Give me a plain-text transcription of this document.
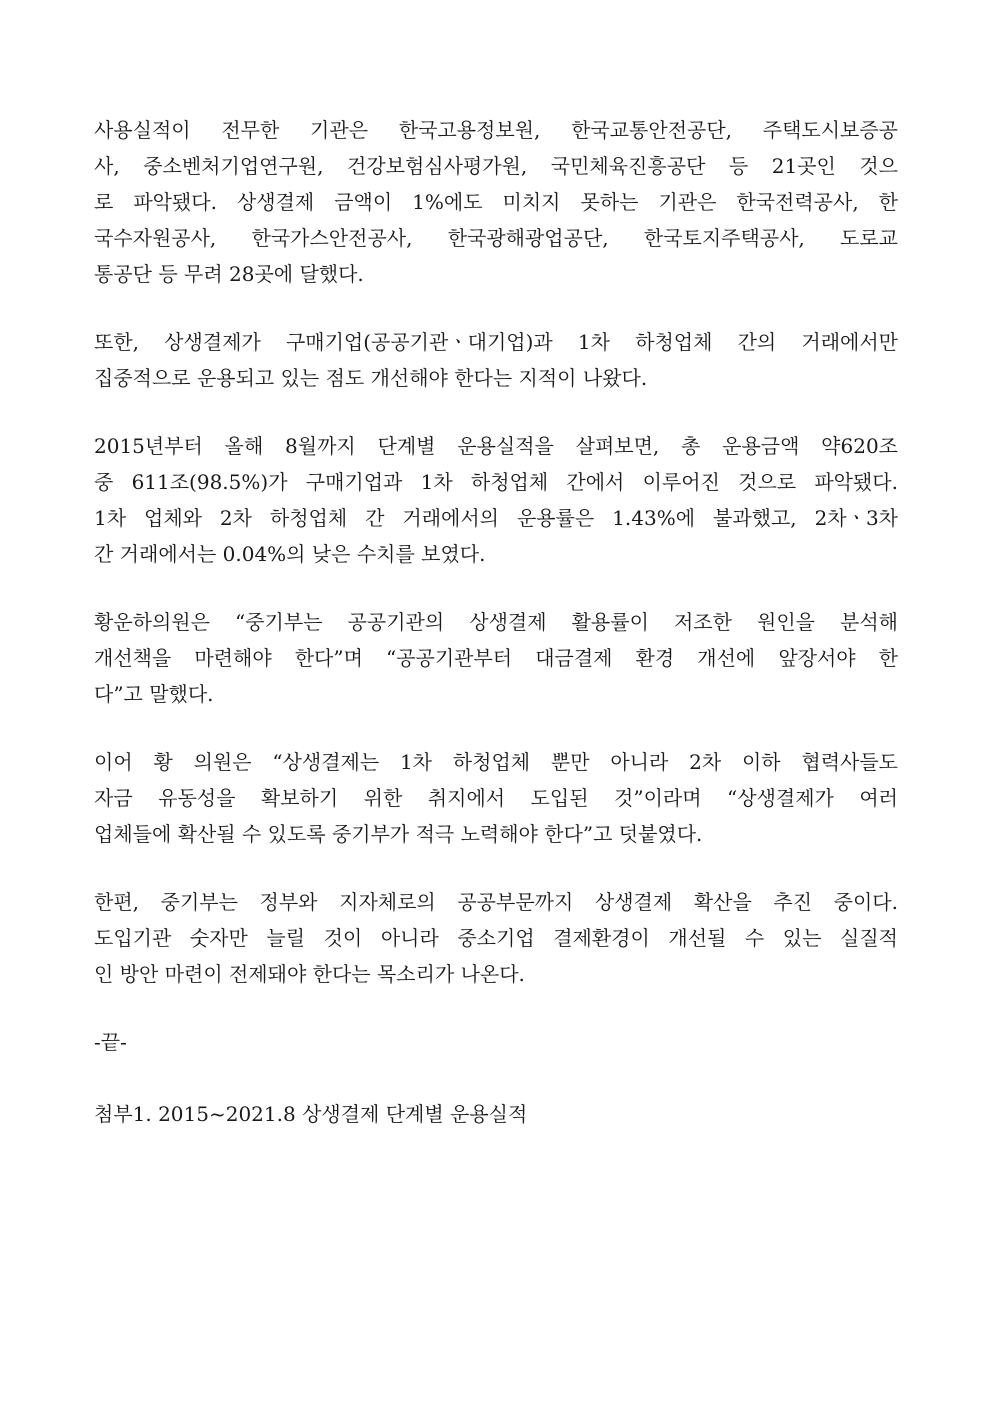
사용실적이 전무한 기관은 한국고용정보원, 한국교통안전공단, 주택도시보증공
사, 중소벤처기업연구원, 건강보험심사평가원, 국민체육진흥공단 등 21곳인 것으
로 파악됐다. 상생결제 금액이 1%에도 미치지 못하는 기관은 한국전력공사, 한
국수자원공사, 한국가스안전공사, 한국광해광업공단, 한국토지주택공사, 도로교
통공단 등 무려 28곳에 달했다.

또한, 상생결제가 구매기업(공공기관ㆍ대기업)과 1차 하청업체 간의 거래에서만
집중적으로 운용되고 있는 점도 개선해야 한다는 지적이 나왔다.

2015년부터 올해 8월까지 단계별 운용실적을 살펴보면, 총 운용금액 약620조
중 611조(98.5%)가 구매기업과 1차 하청업체 간에서 이루어진 것으로 파악됐다.
1차 업체와 2차 하청업체 간 거래에서의 운용률은 1.43%에 불과했고, 2차ㆍ3차
간 거래에서는 0.04%의 낮은 수치를 보였다.

황운하의원은 “중기부는 공공기관의 상생결제 활용률이 저조한 원인을 분석해
개선책을 마련해야 한다”며 “공공기관부터 대금결제 환경 개선에 앞장서야 한
다”고 말했다.

이어 황 의원은 “상생결제는 1차 하청업체 뿐만 아니라 2차 이하 협력사들도
자금 유동성을 확보하기 위한 취지에서 도입된 것”이라며 “상생결제가 여러
업체들에 확산될 수 있도록 중기부가 적극 노력해야 한다”고 덧붙였다.

한편, 중기부는 정부와 지자체로의 공공부문까지 상생결제 확산을 추진 중이다.
도입기관 숫자만 늘릴 것이 아니라 중소기업 결제환경이 개선될 수 있는 실질적
인 방안 마련이 전제돼야 한다는 목소리가 나온다.

-끝-
첨부1. 2015~2021.8 상생결제 단계별 운용실적
